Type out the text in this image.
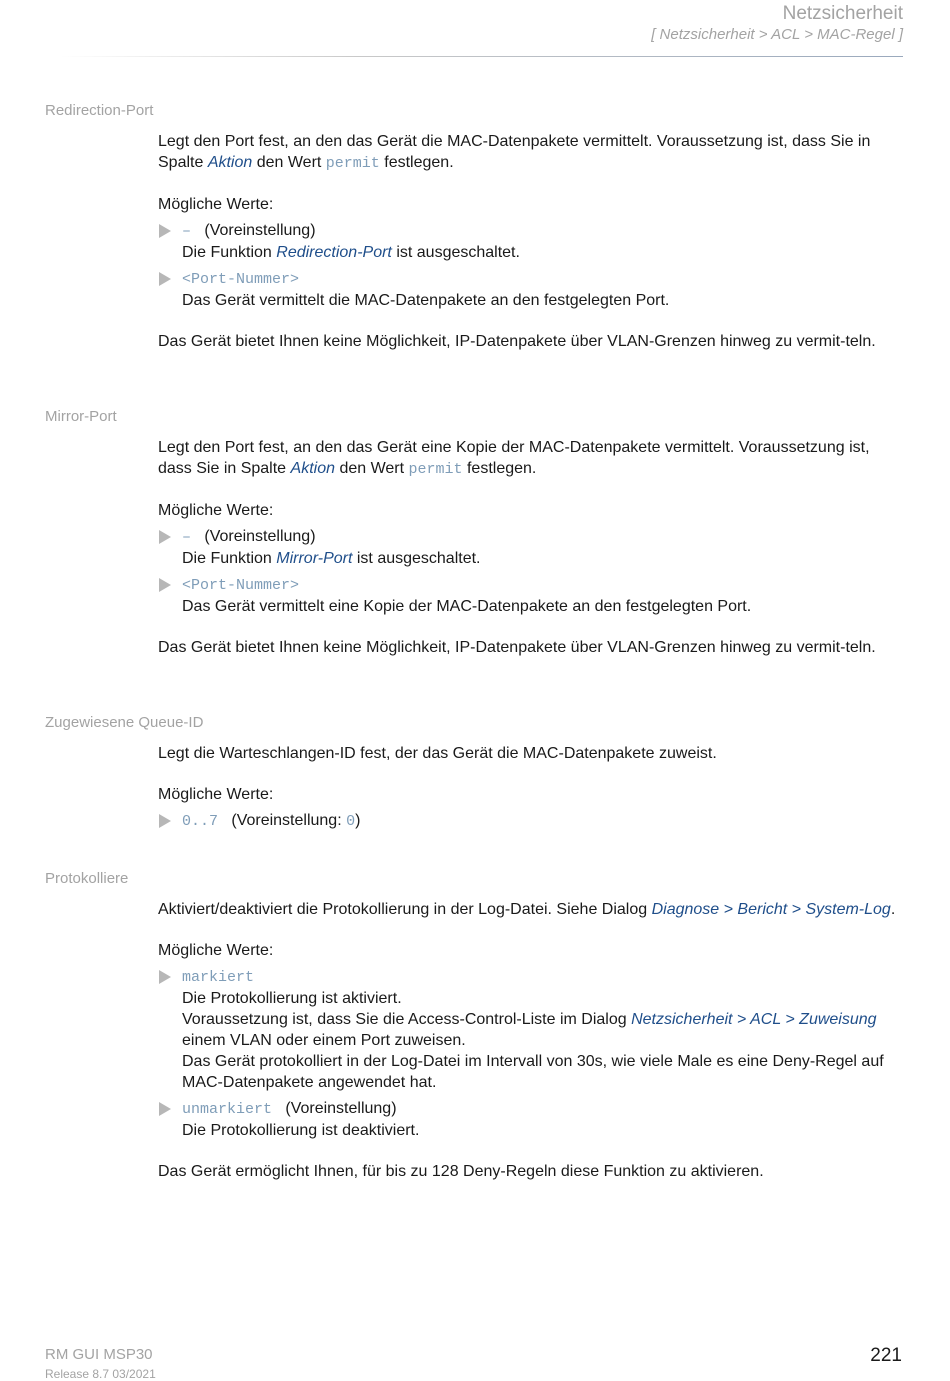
Netzsicherheit
[ Netzsicherheit > ACL > MAC-Regel ]
Redirection-Port

Legt den Port fest, an den das Gerät die MAC-Datenpakete vermittelt. Voraussetzung ist, dass Sie in Spalte Aktion den Wert permit festlegen.

Mögliche Werte:

– (Voreinstellung)
Die Funktion Redirection-Port ist ausgeschaltet.
<Port-Nummer>
Das Gerät vermittelt die MAC-Datenpakete an den festgelegten Port.

Das Gerät bietet Ihnen keine Möglichkeit, IP-Datenpakete über VLAN-Grenzen hinweg zu vermit-teln.

Mirror-Port

Legt den Port fest, an den das Gerät eine Kopie der MAC-Datenpakete vermittelt. Voraussetzung ist, dass Sie in Spalte Aktion den Wert permit festlegen.

Mögliche Werte:

– (Voreinstellung)
Die Funktion Mirror-Port ist ausgeschaltet.
<Port-Nummer>
Das Gerät vermittelt eine Kopie der MAC-Datenpakete an den festgelegten Port.

Das Gerät bietet Ihnen keine Möglichkeit, IP-Datenpakete über VLAN-Grenzen hinweg zu vermit-teln.

Zugewiesene Queue-ID

Legt die Warteschlangen-ID fest, der das Gerät die MAC-Datenpakete zuweist.

Mögliche Werte:

0..7 (Voreinstellung: 0)
Protokolliere

Aktiviert/deaktiviert die Protokollierung in der Log-Datei. Siehe Dialog Diagnose > Bericht > System-Log.

Mögliche Werte:

markiert
Die Protokollierung ist aktiviert.
Voraussetzung ist, dass Sie die Access-Control-Liste im Dialog Netzsicherheit > ACL > Zuweisung einem VLAN oder einem Port zuweisen.
Das Gerät protokolliert in der Log-Datei im Intervall von 30s, wie viele Male es eine Deny-Regel auf MAC-Datenpakete angewendet hat.
unmarkiert (Voreinstellung)
Die Protokollierung ist deaktiviert.

Das Gerät ermöglicht Ihnen, für bis zu 128 Deny-Regeln diese Funktion zu aktivieren.

RM GUI MSP30
Release 8.7 03/2021
221
